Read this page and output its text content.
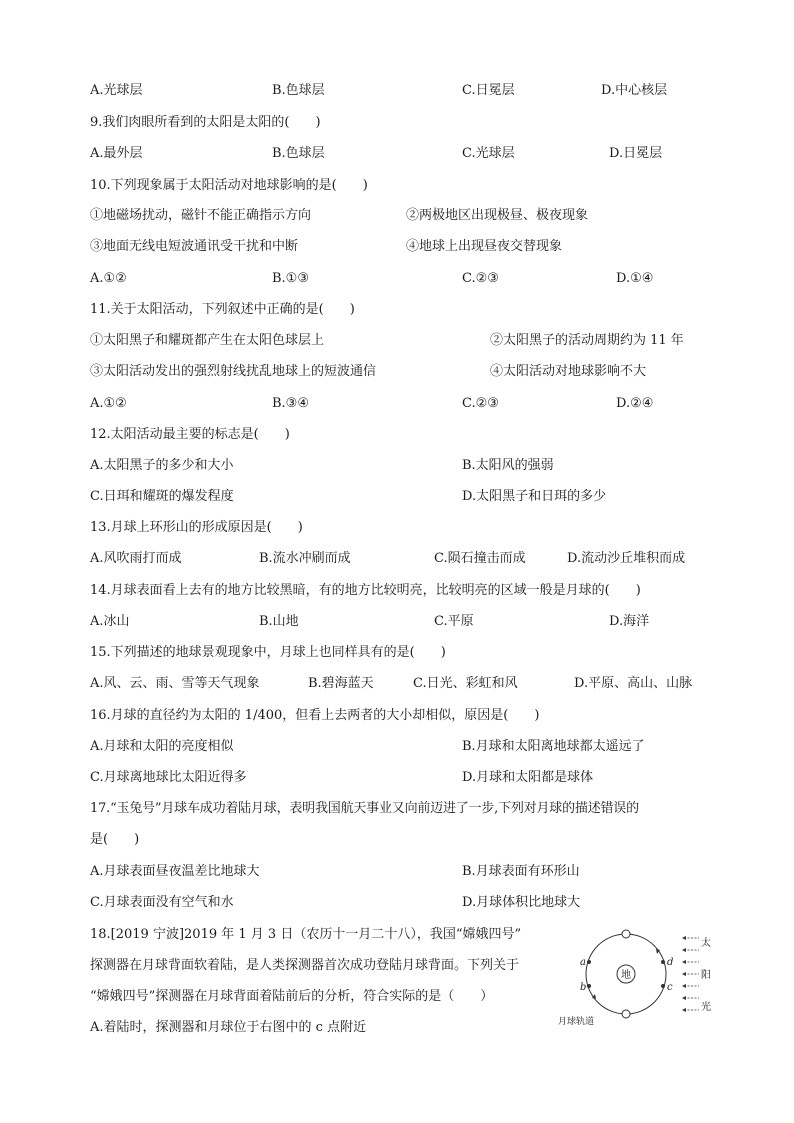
A.光球层	B.色球层	C.日冕层	D.中心核层
9.我们肉眼所看到的太阳是太阳的(　　)
A.最外层	B.色球层	C.光球层	D.日冕层
10.下列现象属于太阳活动对地球影响的是(　　)
①地磁场扰动，磁针不能正确指示方向	②两极地区出现极昼、极夜现象
③地面无线电短波通讯受干扰和中断	④地球上出现昼夜交替现象
A.①②	B.①③	C.②③	D.①④
11.关于太阳活动，下列叙述中正确的是(　　)
①太阳黑子和耀斑都产生在太阳色球层上	②太阳黑子的活动周期约为 11 年
③太阳活动发出的强烈射线扰乱地球上的短波通信	④太阳活动对地球影响不大
A.①②	B.③④	C.②③	D.②④
12.太阳活动最主要的标志是(　　)
A.太阳黑子的多少和大小	B.太阳风的强弱
C.日珥和耀斑的爆发程度	D.太阳黑子和日珥的多少
13.月球上环形山的形成原因是(　　)
A.风吹雨打而成	B.流水冲刷而成	C.陨石撞击而成	D.流动沙丘堆积而成
14.月球表面看上去有的地方比较黑暗，有的地方比较明亮，比较明亮的区域一般是月球的(　　)
A.冰山	B.山地	C.平原	D.海洋
15.下列描述的地球景观现象中，月球上也同样具有的是(　　)
A.风、云、雨、雪等天气现象	B.碧海蓝天	C.日光、彩虹和风	D.平原、高山、山脉
16.月球的直径约为太阳的 1/400，但看上去两者的大小却相似，原因是(　　)
A.月球和太阳的亮度相似	B.月球和太阳离地球都太遥远了
C.月球离地球比太阳近得多	D.月球和太阳都是球体
17.“玉兔号”月球车成功着陆月球，表明我国航天事业又向前迈进了一步,下列对月球的描述错误的
是(　　)
A.月球表面昼夜温差比地球大	B.月球表面有环形山
C.月球表面没有空气和水	D.月球体积比地球大
18.[2019 宁波]2019 年 1 月 3 日（农历十一月二十八），我国“嫦娥四号”
探测器在月球背面软着陆，是人类探测器首次成功登陆月球背面。下列关于
“嫦娥四号”探测器在月球背面着陆前后的分析，符合实际的是（　　）
A.着陆时，探测器和月球位于右图中的 c 点附近
地
a
b	c
d
太
阳
光
月球轨道
